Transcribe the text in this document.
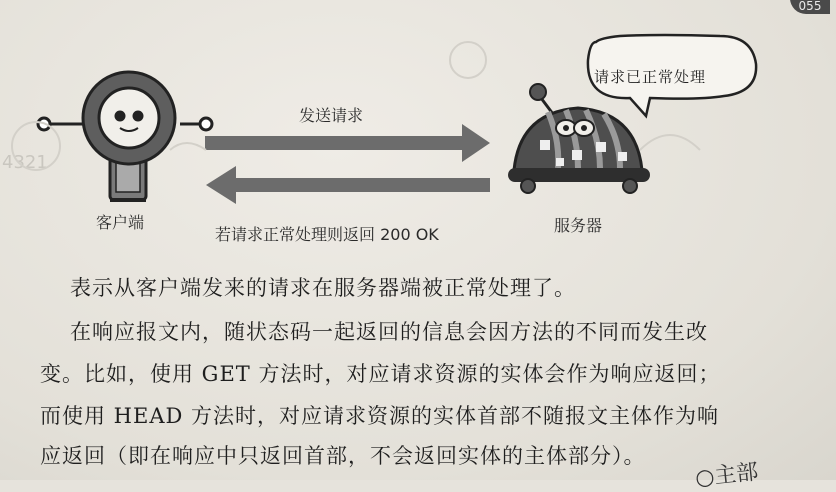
055
4321
请求已正常处理
发送请求
客户端
若请求正常处理则返回 200 OK	服务器

表示从客户端发来的请求在服务器端被正常处理了。

在响应报文内，随状态码一起返回的信息会因方法的不同而发生改

变。比如，使用 GET 方法时，对应请求资源的实体会作为响应返回；

而使用 HEAD 方法时，对应请求资源的实体首部不随报文主体作为响

应返回（即在响应中只返回首部，不会返回实体的主体部分）。

○主部
